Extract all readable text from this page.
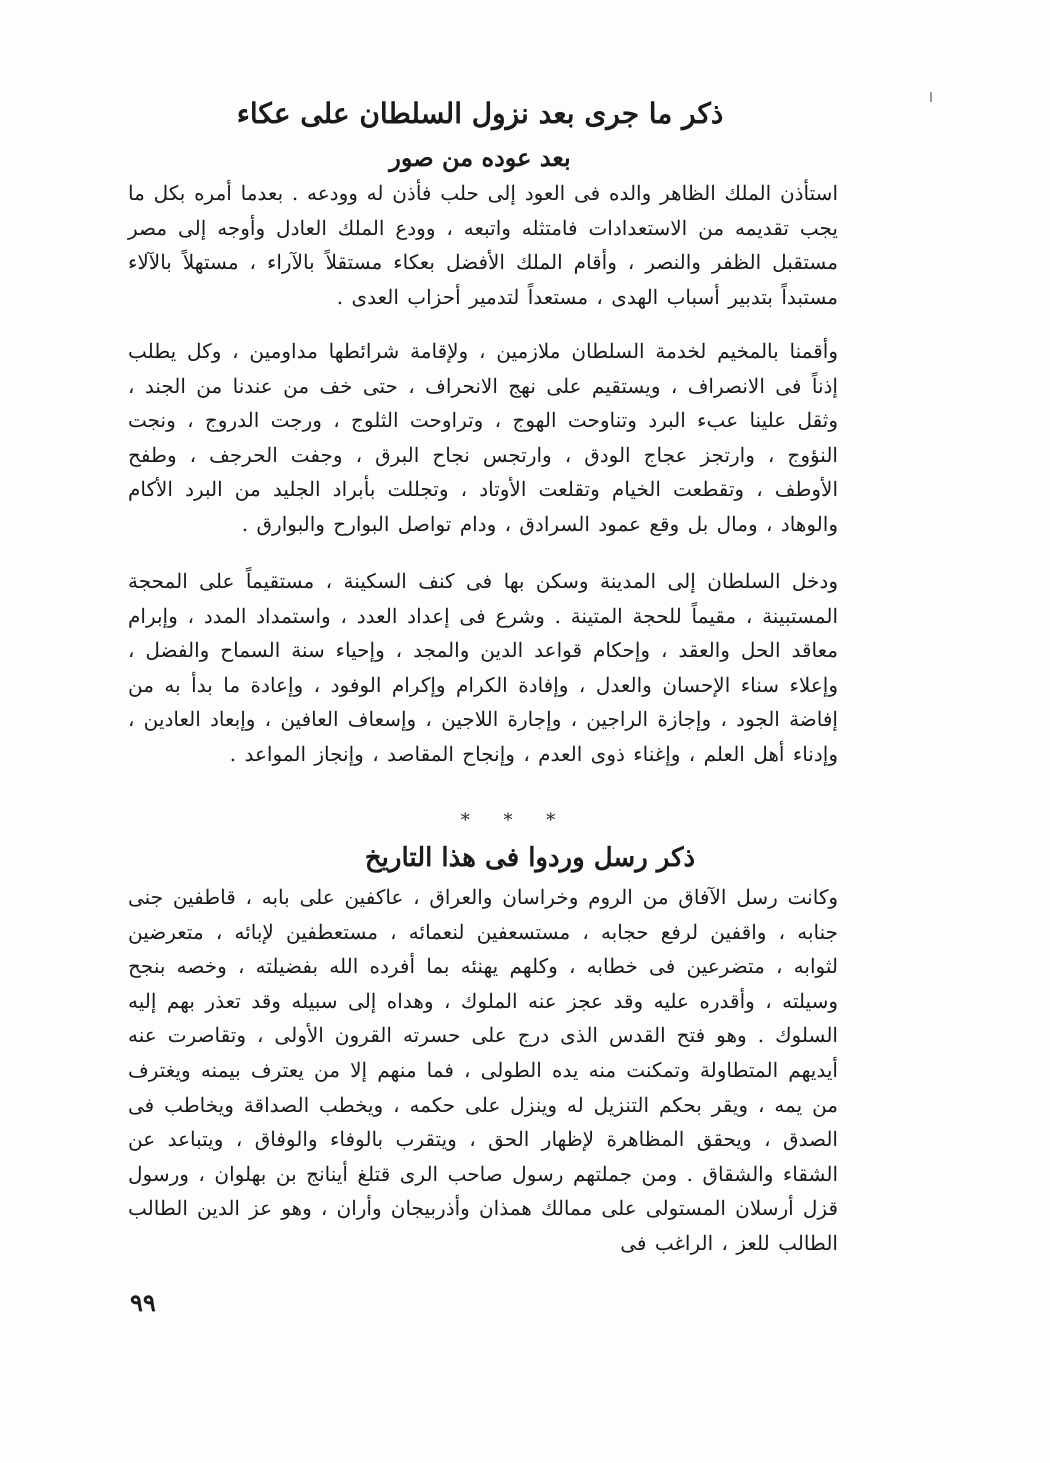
ذكر ما جرى بعد نزول السلطان على عكاء
بعد عوده من صور

استأذن الملك الظاهر والده فى العود إلى حلب فأذن له وودعه . بعدما أمره بكل ما يجب تقديمه من الاستعدادات فامتثله واتبعه ، وودع الملك العادل وأوجه إلى مصر مستقبل الظفر والنصر ، وأقام الملك الأفضل بعكاء مستقلاً بالآراء ، مستهلاً بالآلاء مستبداً بتدبير أسباب الهدى ، مستعداً لتدمير أحزاب العدى .

وأقمنا بالمخيم لخدمة السلطان ملازمين ، ولإقامة شرائطها مداومين ، وكل يطلب إذناً فى الانصراف ، ويستقيم على نهج الانحراف ، حتى خف من عندنا من الجند ، وثقل علينا عبء البرد وتناوحت الهوج ، وتراوحت الثلوج ، ورجت الدروج ، ونجت النؤوج ، وارتجز عجاج الودق ، وارتجس نجاح البرق ، وجفت الحرجف ، وطفح الأوطف ، وتقطعت الخيام وتقلعت الأوتاد ، وتجللت بأبراد الجليد من البرد الأكام والوهاد ، ومال بل وقع عمود السرادق ، ودام تواصل البوارح والبوارق .

ودخل السلطان إلى المدينة وسكن بها فى كنف السكينة ، مستقيماً على المحجة المستبينة ، مقيماً للحجة المتينة . وشرع فى إعداد العدد ، واستمداد المدد ، وإبرام معاقد الحل والعقد ، وإحكام قواعد الدين والمجد ، وإحياء سنة السماح والفضل ، وإعلاء سناء الإحسان والعدل ، وإفادة الكرام وإكرام الوفود ، وإعادة ما بدأ به من إفاضة الجود ، وإجازة الراجين ، وإجارة اللاجين ، وإسعاف العافين ، وإبعاد العادين ، وإدناء أهل العلم ، وإغناء ذوى العدم ، وإنجاح المقاصد ، وإنجاز المواعد .

* * *
ذكر رسل وردوا فى هذا التاريخ

وكانت رسل الآفاق من الروم وخراسان والعراق ، عاكفين على بابه ، قاطفين جنى جنابه ، واقفين لرفع حجابه ، مستسعفين لنعمائه ، مستعطفين لإبائه ، متعرضين لثوابه ، متضرعين فى خطابه ، وكلهم يهنئه بما أفرده الله بفضيلته ، وخصه بنجح وسيلته ، وأقدره عليه وقد عجز عنه الملوك ، وهداه إلى سبيله وقد تعذر بهم إليه السلوك . وهو فتح القدس الذى درج على حسرته القرون الأولى ، وتقاصرت عنه أيديهم المتطاولة وتمكنت منه يده الطولى ، فما منهم إلا من يعترف بيمنه ويغترف من يمه ، ويقر بحكم التنزيل له وينزل على حكمه ، ويخطب الصداقة ويخاطب فى الصدق ، ويحقق المظاهرة لإظهار الحق ، ويتقرب بالوفاء والوفاق ، ويتباعد عن الشقاء والشقاق . ومن جملتهم رسول صاحب الرى قتلغ أينانج بن بهلوان ، ورسول قزل أرسلان المستولى على ممالك همذان وأذربيجان وأران ، وهو عز الدين الطالب الطالب للعز ، الراغب فى

٩٩
